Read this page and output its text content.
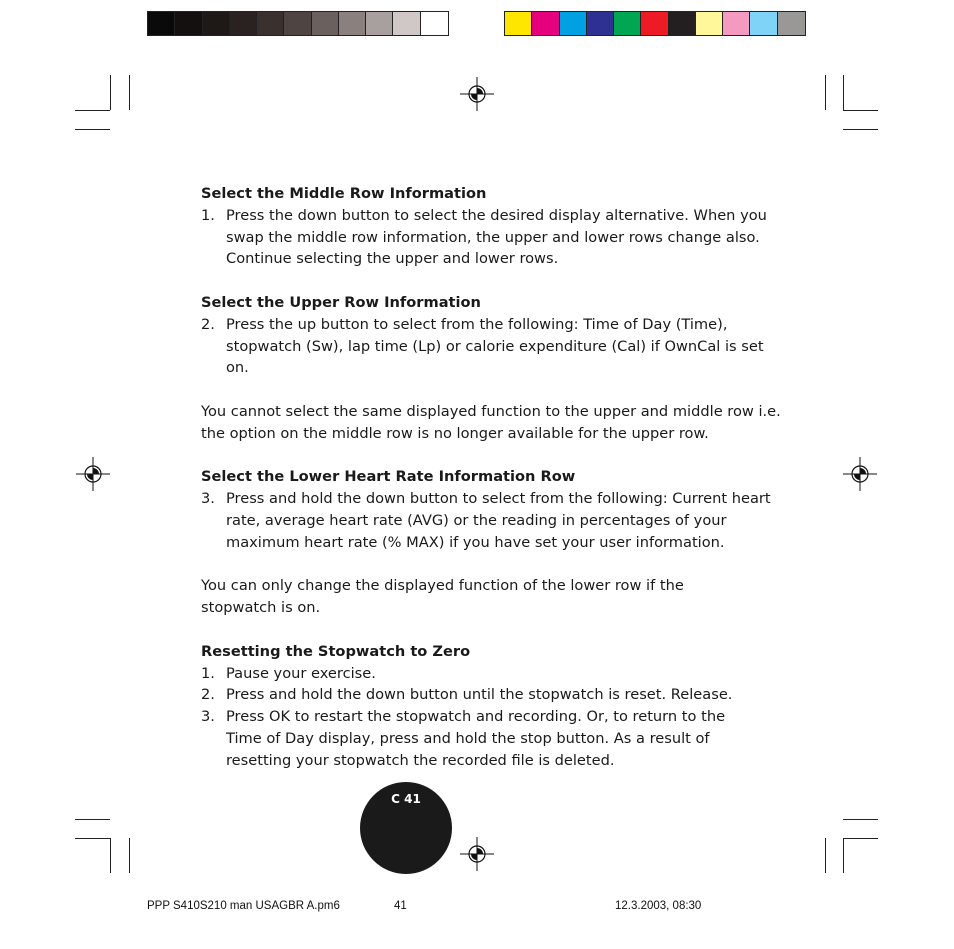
Select the Middle Row Information
1. Press the down button to select the desired display alternative. When you swap the middle row information, the upper and lower rows change also. Continue selecting the upper and lower rows.
Select the Upper Row Information
2. Press the up button to select from the following: Time of Day (Time), stopwatch (Sw), lap time (Lp) or calorie expenditure (Cal) if OwnCal is set on.
You cannot select the same displayed function to the upper and middle row i.e. the option on the middle row is no longer available for the upper row.
Select the Lower Heart Rate Information Row
3. Press and hold the down button to select from the following: Current heart rate, average heart rate (AVG) or the reading in percentages of your maximum heart rate (% MAX) if you have set your user information.
You can only change the displayed function of the lower row if the stopwatch is on.
Resetting the Stopwatch to Zero
1. Pause your exercise.
2. Press and hold the down button until the stopwatch is reset. Release.
3. Press OK to restart the stopwatch and recording. Or, to return to the Time of Day display, press and hold the stop button. As a result of resetting your stopwatch the recorded file is deleted.
C 41
PPP S410S210 man USAGBR A.pm6	41	12.3.2003, 08:30
